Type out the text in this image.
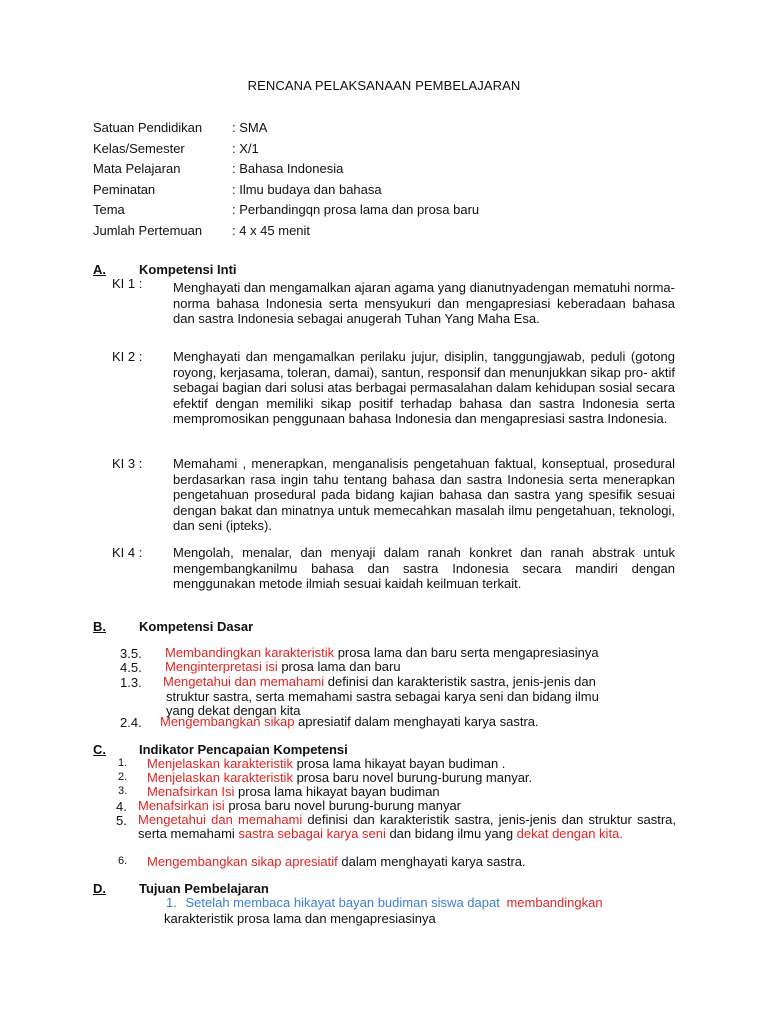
RENCANA PELAKSANAAN PEMBELAJARAN
Satuan Pendidikan : SMA
Kelas/Semester	: X/1
Mata Pelajaran	: Bahasa Indonesia
Peminatan	: Ilmu budaya dan bahasa
Tema	: Perbandingqn prosa lama dan prosa baru
Jumlah Pertemuan : 4 x 45 menit
A.	Kompetensi Inti
KI 1 : Menghayati dan mengamalkan ajaran agama yang dianutnyadengan mematuhi norma-norma bahasa Indonesia serta mensyukuri dan mengapresiasi keberadaan bahasa dan sastra Indonesia sebagai anugerah Tuhan Yang Maha Esa.
KI 2 : Menghayati dan mengamalkan perilaku jujur, disiplin, tanggungjawab, peduli (gotong royong, kerjasama, toleran, damai), santun, responsif dan menunjukkan sikap pro- aktif sebagai bagian dari solusi atas berbagai permasalahan dalam kehidupan sosial secara efektif dengan memiliki sikap positif terhadap bahasa dan sastra Indonesia serta mempromosikan penggunaan bahasa Indonesia dan mengapresiasi sastra Indonesia.
KI 3 : Memahami , menerapkan, menganalisis pengetahuan faktual, konseptual, prosedural berdasarkan rasa ingin tahu tentang bahasa dan sastra Indonesia serta menerapkan pengetahuan prosedural pada bidang kajian bahasa dan sastra yang spesifik sesuai dengan bakat dan minatnya untuk memecahkan masalah ilmu pengetahuan, teknologi, dan seni (ipteks).
KI 4 : Mengolah, menalar, dan menyaji dalam ranah konkret dan ranah abstrak untuk mengembangkanilmu bahasa dan sastra Indonesia secara mandiri dengan menggunakan metode ilmiah sesuai kaidah keilmuan terkait.
B.	Kompetensi Dasar
3.5. Membandingkan karakteristik prosa lama dan baru serta mengapresiasinya
4.5. Menginterpretasi isi prosa lama dan baru
1.3. Mengetahui dan memahami definisi dan karakteristik sastra, jenis-jenis dan
struktur sastra, serta memahami sastra sebagai karya seni dan bidang ilmu
yang dekat dengan kita
2.4. Mengembangkan sikap apresiatif dalam menghayati karya sastra.
C.	Indikator Pencapaian Kompetensi
1. Menjelaskan karakteristik prosa lama hikayat bayan budiman .
2. Menjelaskan karakteristik prosa baru novel burung-burung manyar.
3. Menafsirkan Isi prosa lama hikayat bayan budiman
4. Menafsirkan isi prosa baru novel burung-burung manyar
5. Mengetahui dan memahami definisi dan karakteristik sastra, jenis-jenis dan struktur sastra, serta memahami sastra sebagai karya seni dan bidang ilmu yang dekat dengan kita.
6. Mengembangkan sikap apresiatif dalam menghayati karya sastra.
D.	Tujuan Pembelajaran
1. Setelah membaca hikayat bayan budiman siswa dapat membandingkan
karakteristik prosa lama dan mengapresiasinya
